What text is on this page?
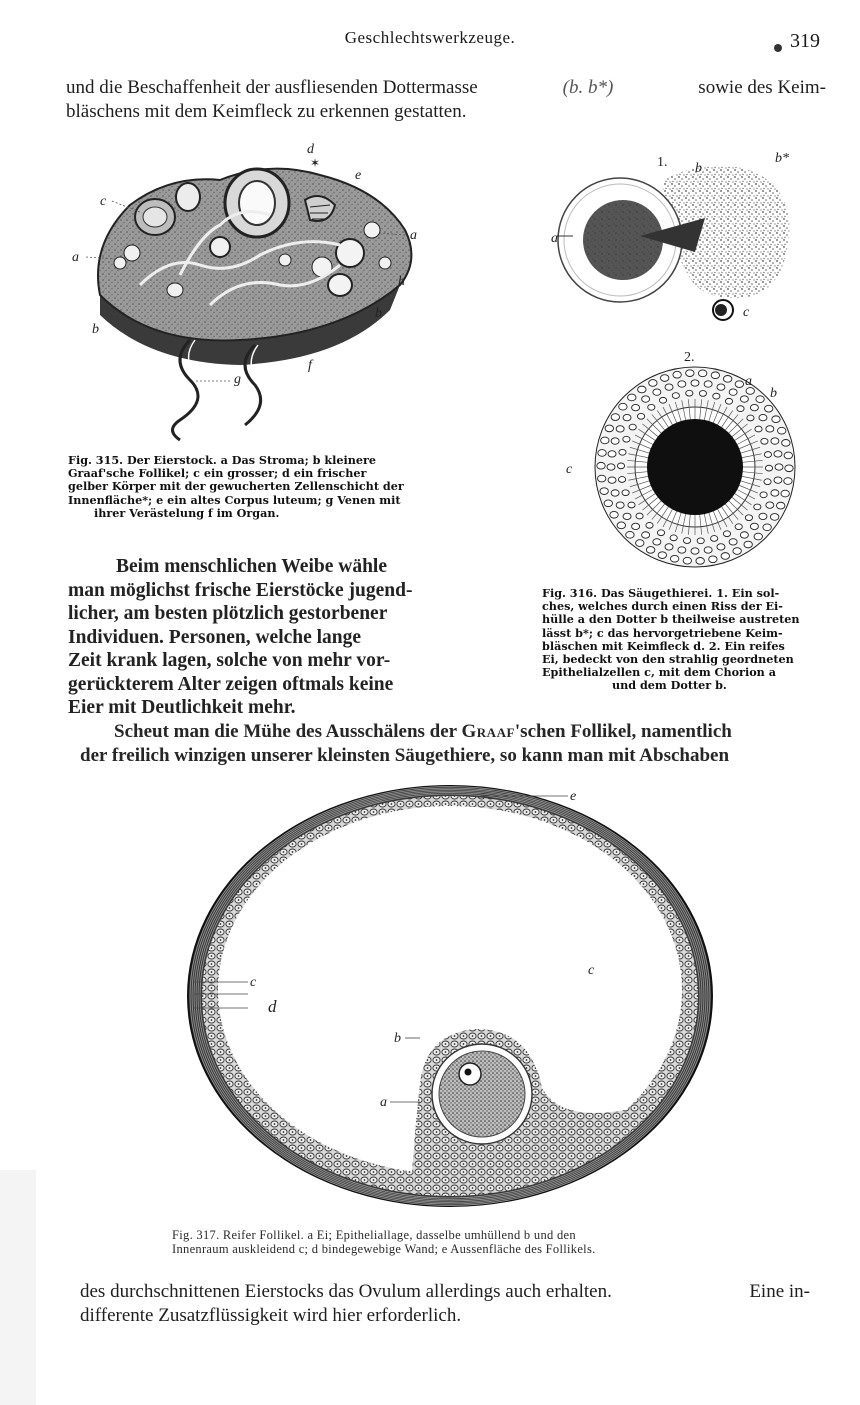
Geschlechtswerkzeuge.	319
und die Beschaffenheit der ausfliesenden Dottermasse	(b. b*)	sowie des Keim-
bläschens mit dem Keimfleck zu erkennen gestatten.
d
✶
e
c
a
a
h
b
b
g
f
Fig. 315. Der Eierstock. a Das Stroma; b kleinere
Graaf'sche Follikel; c ein grosser; d ein frischer
gelber Körper mit der gewucherten Zellenschicht der
Innenfläche*; e ein altes Corpus luteum; g Venen mit
ihrer Verästelung f im Organ.
1.
a
b
b*
c
2.
a
b
c
Fig. 316. Das Säugethierei. 1. Ein sol-
ches, welches durch einen Riss der Ei-
hülle a den Dotter b theilweise austreten
lässt b*; c das hervorgetriebene Keim-
bläschen mit Keimfleck d. 2. Ein reifes
Ei, bedeckt von den strahlig geordneten
Epithelialzellen c, mit dem Chorion a
und dem Dotter b.
Beim menschlichen Weibe wähle
man möglichst frische Eierstöcke jugend-
licher, am besten plötzlich gestorbener
Individuen. Personen, welche lange
Zeit krank lagen, solche von mehr vor-
gerückterem Alter zeigen oftmals keine
Eier mit Deutlichkeit mehr.
Scheut man die Mühe des Ausschälens der Graaf'schen Follikel, namentlich
der freilich winzigen unserer kleinsten Säugethiere, so kann man mit Abschaben
e
c
d
c
b
a
Fig. 317. Reifer Follikel. a Ei; Epitheliallage, dasselbe umhüllend b und den
Innenraum auskleidend c; d bindegewebige Wand; e Aussenfläche des Follikels.
des durchschnittenen Eierstocks das Ovulum allerdings auch erhalten.	Eine in-
differente Zusatzflüssigkeit wird hier erforderlich.
